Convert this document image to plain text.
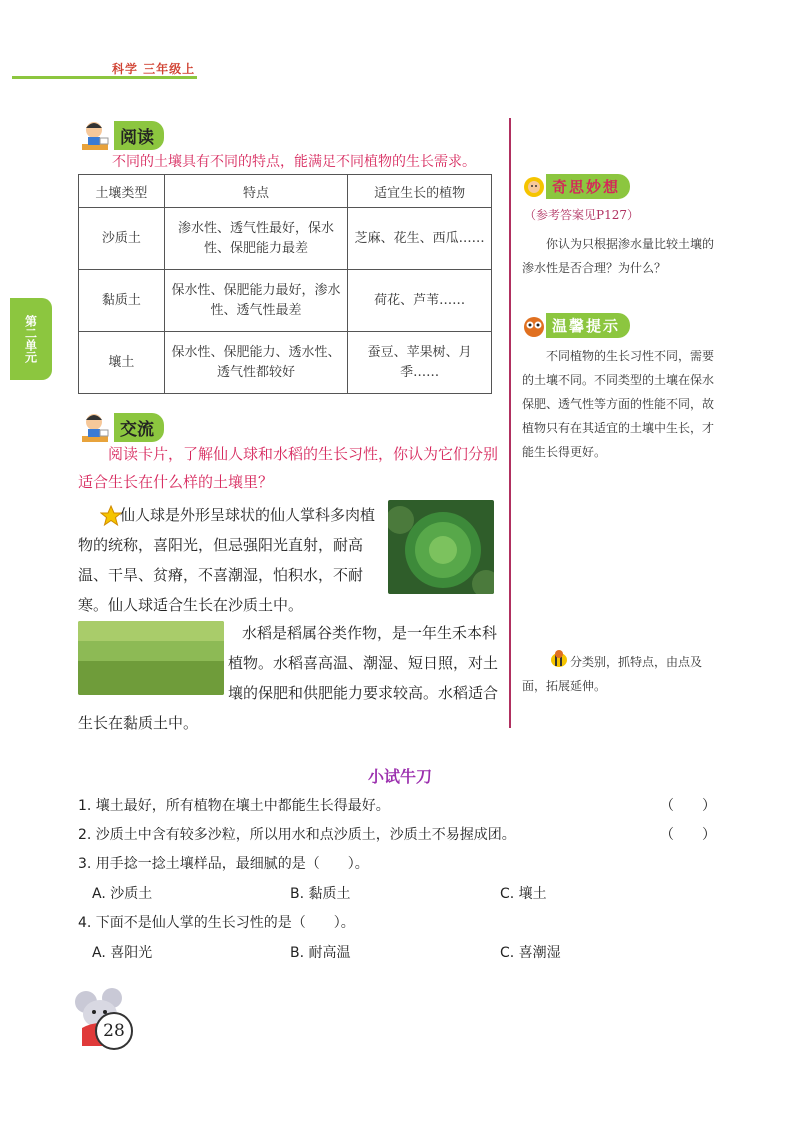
科学 三年级上
第二单元
阅读
不同的土壤具有不同的特点，能满足不同植物的生长需求。
土壤类型	特点	适宜生长的植物
沙质土	渗水性、透气性最好，保水性、保肥能力最差	芝麻、花生、西瓜……
黏质土	保水性、保肥能力最好，渗水性、透气性最差	荷花、芦苇……
壤土	保水性、保肥能力、透水性、透气性都较好	蚕豆、苹果树、月季……
交流
阅读卡片，了解仙人球和水稻的生长习性，你认为它们分别适合生长在什么样的土壤里？
仙人球是外形呈球状的仙人掌科多肉植物的统称，喜阳光，但忌强阳光直射，耐高温、干旱、贫瘠，不喜潮湿，怕积水，不耐寒。仙人球适合生长在沙质土中。
水稻是稻属谷类作物，是一年生禾本科植物。水稻喜高温、潮湿、短日照，对土壤的保肥和供肥能力要求较高。水稻适合生长在黏质土中。
奇思妙想
（参考答案见P127）
你认为只根据渗水量比较土壤的渗水性是否合理？为什么？
温馨提示
不同植物的生长习性不同，需要的土壤不同。不同类型的土壤在保水保肥、透气性等方面的性能不同，故植物只有在其适宜的土壤中生长，才能生长得更好。
分类别，抓特点，由点及面，拓展延伸。
小试牛刀
1. 壤土最好，所有植物在壤土中都能生长得最好。	（　　）
2. 沙质土中含有较多沙粒，所以用水和点沙质土，沙质土不易握成团。	（　　）
3. 用手捻一捻土壤样品，最细腻的是（　　）。
A. 沙质土	B. 黏质土	C. 壤土
4. 下面不是仙人掌的生长习性的是（　　）。
A. 喜阳光	B. 耐高温	C. 喜潮湿
28
